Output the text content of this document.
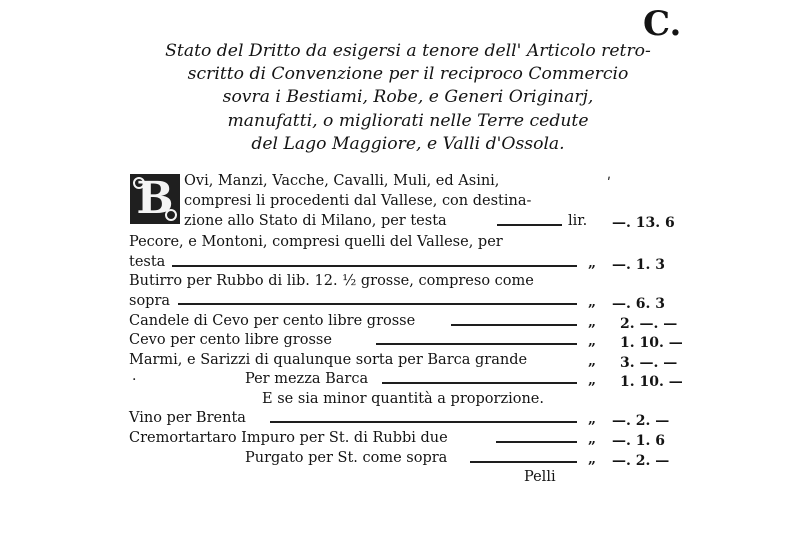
C.
Stato del Dritto da esigersi a tenore dell' Articolo retro-
scritto di Convenzione per il reciproco Commercio
sovra i Bestiami, Robe, e Generi Originarj,
manufatti, o migliorati nelle Terre cedute
del Lago Maggiore, e Valli d'Ossola.
B Ovi, Manzi, Vacche, Cavalli, Muli, ed Asini,	ʹ
compresi li procedenti dal Vallese, con destina-
zione allo Stato di Milano, per testa	lir. —. 13. 6
Pecore, e Montoni, compresi quelli del Vallese, per
testa	„ —. 1. 3
Butirro per Rubbo di lib. 12. ½ grosse, compreso come
sopra	„ —. 6. 3
Candele di Cevo per cento libre grosse	„ 2. —. —
Cevo per cento libre grosse	„ 1. 10. —
Marmi, e Sarizzi di qualunque sorta per Barca grande	„ 3. —. —
·	Per mezza Barca	„ 1. 10. —
E se sia minor quantità a proporzione.
Vino per Brenta	„ —. 2. —
Cremortartaro Impuro per St. di Rubbi due	„ —. 1. 6
Purgato per St. come sopra	„ —. 2. —
Pelli
